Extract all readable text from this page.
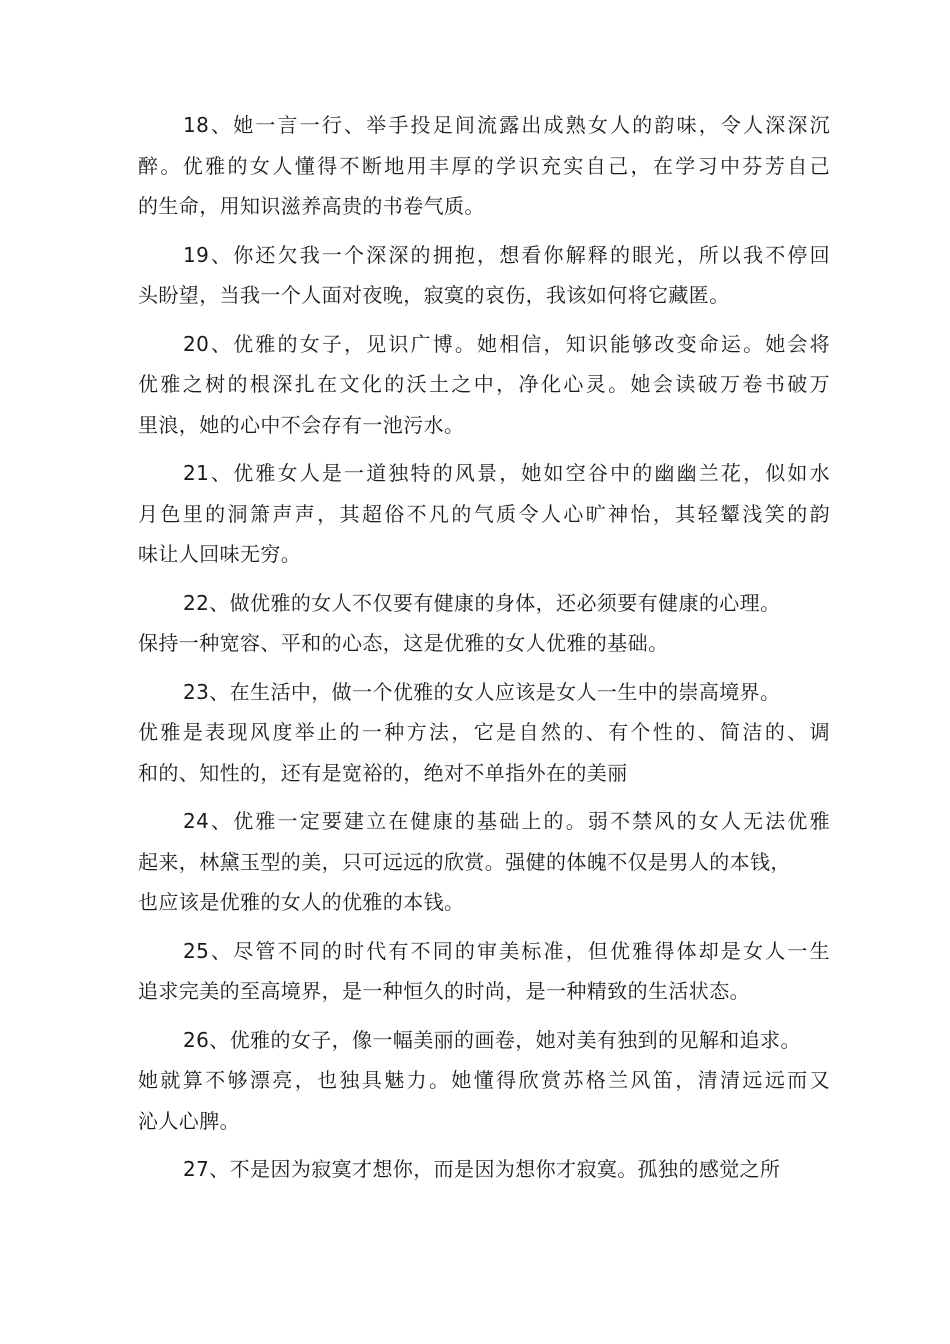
18、她一言一行、举手投足间流露出成熟女人的韵味，令人深深沉
醉。优雅的女人懂得不断地用丰厚的学识充实自己，在学习中芬芳自己
的生命，用知识滋养高贵的书卷气质。

19、你还欠我一个深深的拥抱，想看你解释的眼光，所以我不停回
头盼望，当我一个人面对夜晚，寂寞的哀伤，我该如何将它藏匿。

20、优雅的女子，见识广博。她相信，知识能够改变命运。她会将
优雅之树的根深扎在文化的沃土之中，净化心灵。她会读破万卷书破万
里浪，她的心中不会存有一池污水。

21、优雅女人是一道独特的风景，她如空谷中的幽幽兰花，似如水
月色里的洞箫声声，其超俗不凡的气质令人心旷神怡，其轻颦浅笑的韵
味让人回味无穷。

22、做优雅的女人不仅要有健康的身体，还必须要有健康的心理。
保持一种宽容、平和的心态，这是优雅的女人优雅的基础。

23、在生活中，做一个优雅的女人应该是女人一生中的崇高境界。
优雅是表现风度举止的一种方法，它是自然的、有个性的、简洁的、调
和的、知性的，还有是宽裕的，绝对不单指外在的美丽

24、优雅一定要建立在健康的基础上的。弱不禁风的女人无法优雅
起来，林黛玉型的美，只可远远的欣赏。强健的体魄不仅是男人的本钱，
也应该是优雅的女人的优雅的本钱。

25、尽管不同的时代有不同的审美标准，但优雅得体却是女人一生
追求完美的至高境界，是一种恒久的时尚，是一种精致的生活状态。

26、优雅的女子，像一幅美丽的画卷，她对美有独到的见解和追求。
她就算不够漂亮，也独具魅力。她懂得欣赏苏格兰风笛，清清远远而又
沁人心脾。

27、不是因为寂寞才想你，而是因为想你才寂寞。孤独的感觉之所
